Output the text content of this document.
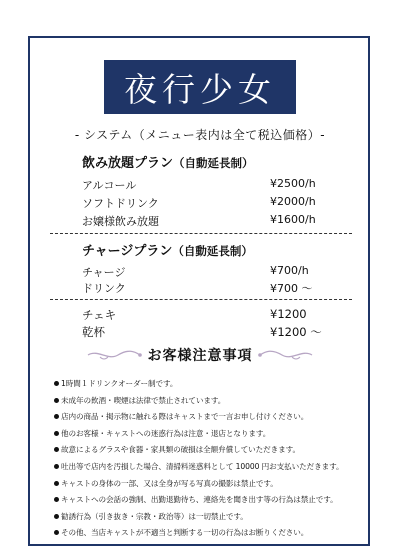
夜行少女
- システム（メニュー表内は全て税込価格）-
飲み放題プラン（自動延長制）
アルコール	¥2500/h
ソフトドリンク	¥2000/h
お嬢様飲み放題	¥1600/h
チャージプラン（自動延長制）
チャージ	¥700/h
ドリンク	¥700 ～
チェキ	¥1200
乾杯	¥1200 ～
お客様注意事項
1時間１ドリンクオーダー制です。
未成年の飲酒・喫煙は法律で禁止されています。
店内の商品・掲示物に触れる際はキャストまで一言お申し付けください。
他のお客様・キャストへの迷惑行為は注意・退店となります。
故意によるグラスや食器・家具類の破損は全額弁償していただきます。
吐出等で店内を汚損した場合、清掃料迷惑料として 10000 円お支払いただきます。
キャストの身体の一部、又は全身が写る写真の撮影は禁止です。
キャストへの会話の強制、出勤退勤待ち、連絡先を聞き出す等の行為は禁止です。
勧誘行為（引き抜き・宗教・政治等）は一切禁止です。
その他、当店キャストが不適当と判断する一切の行為はお断りください。
